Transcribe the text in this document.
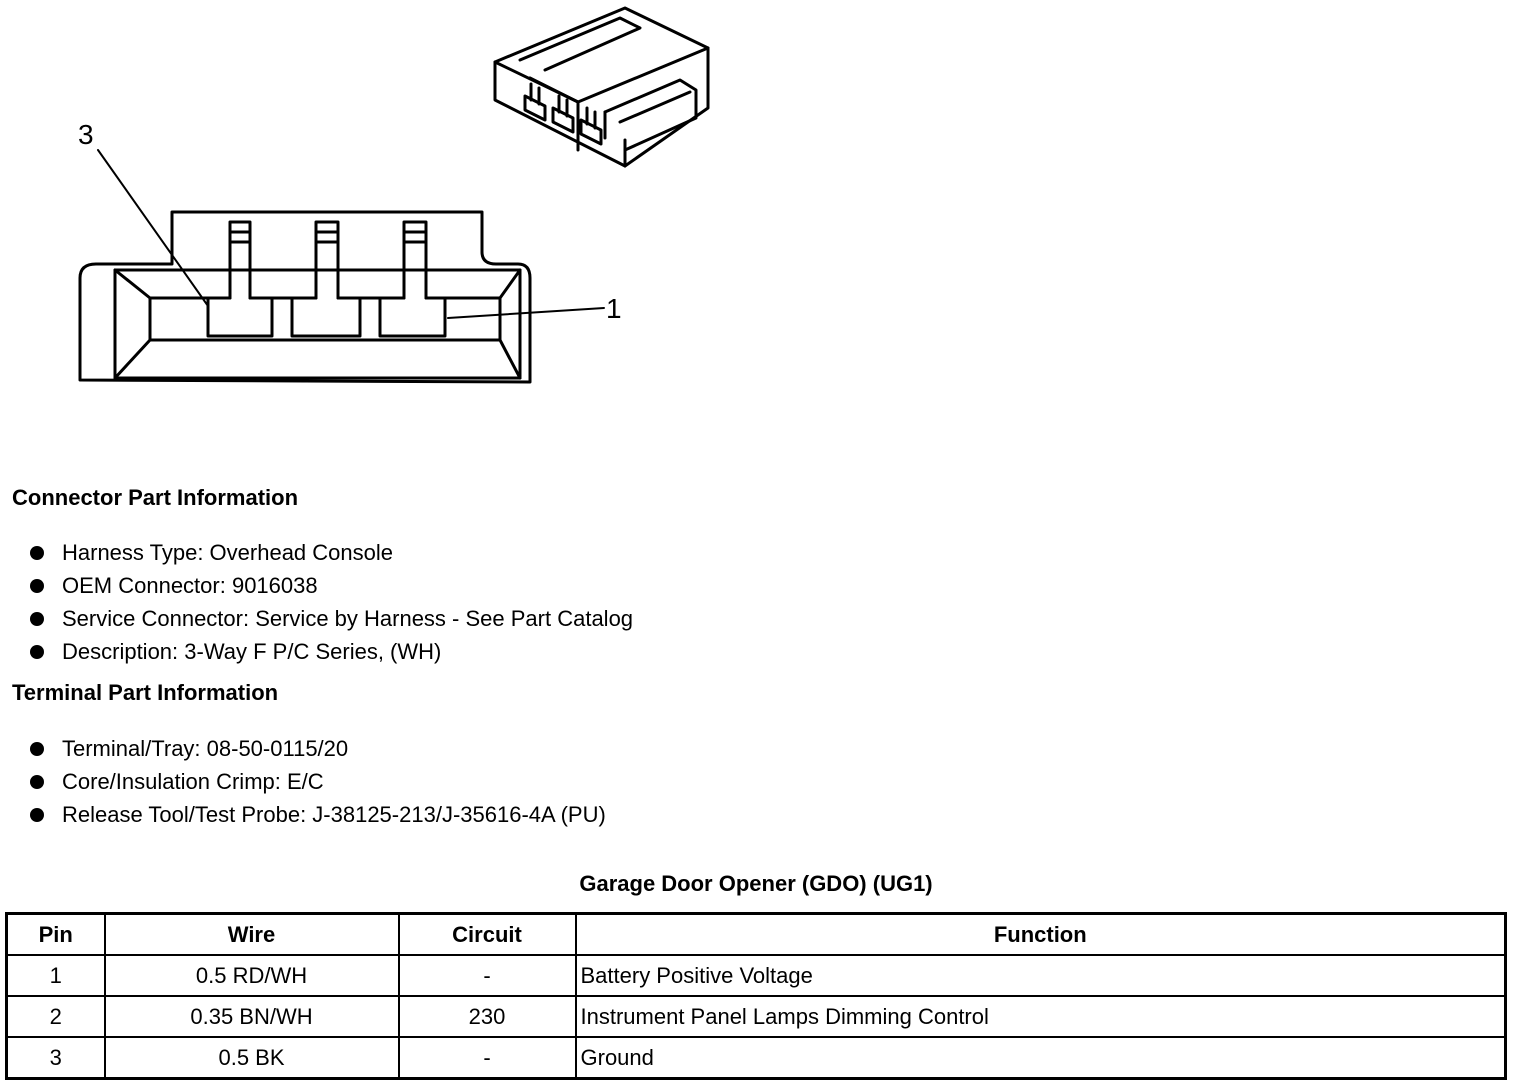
3
1
Connector Part Information
Harness Type: Overhead Console
OEM Connector: 9016038
Service Connector: Service by Harness - See Part Catalog
Description: 3-Way F P/C Series, (WH)
Terminal Part Information
Terminal/Tray: 08-50-0115/20
Core/Insulation Crimp: E/C
Release Tool/Test Probe: J-38125-213/J-35616-4A (PU)
Garage Door Opener (GDO) (UG1)
Pin	Wire	Circuit	Function
1	0.5 RD/WH	-	Battery Positive Voltage
2	0.35 BN/WH	230	Instrument Panel Lamps Dimming Control
3	0.5 BK	-	Ground
